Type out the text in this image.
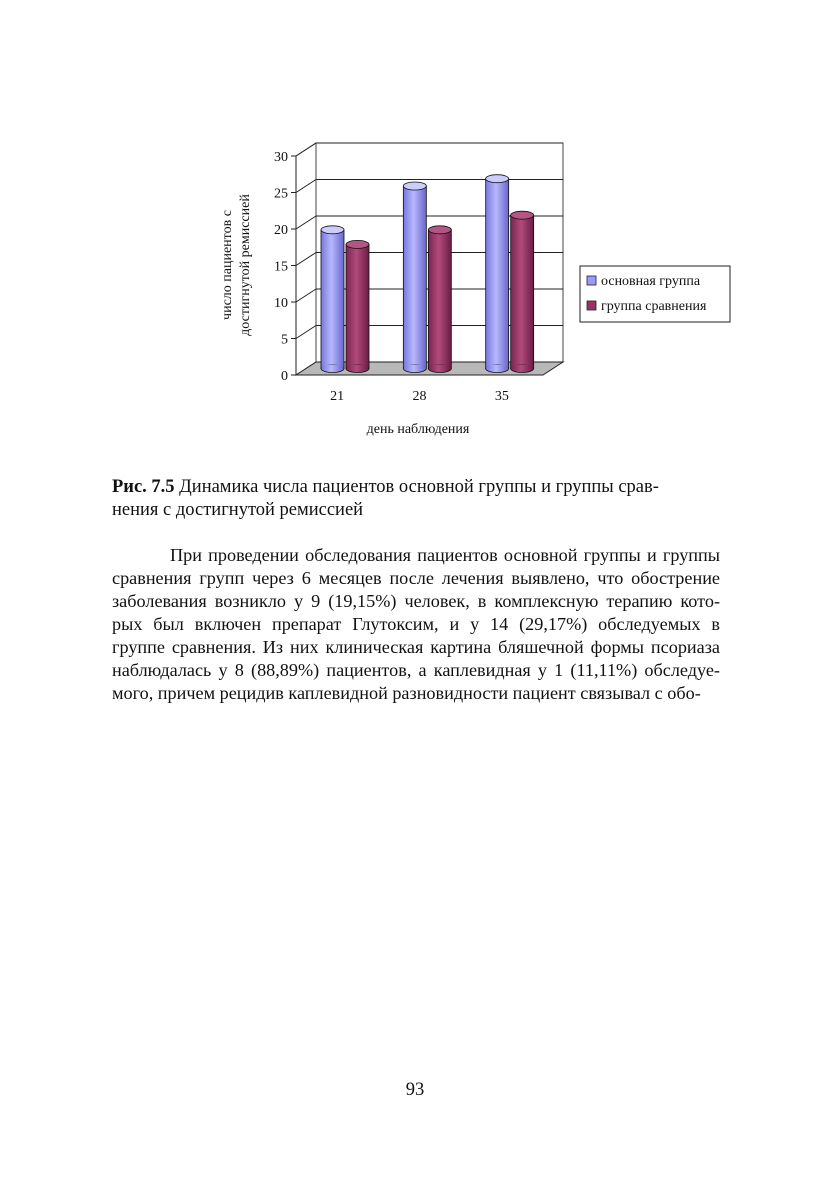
0
5
10
15
20
25
30
21	28	35
день наблюдения
число пациентов с достигнутой ремиссией	основная группа
группа сравнения

Рис. 7.5 Динамика числа пациентов основной группы и группы срав-
нения с достигнутой ремиссией

При проведении обследования пациентов основной группы и группы
сравнения групп через 6 месяцев после лечения выявлено, что обострение
заболевания возникло у 9 (19,15%) человек, в комплексную терапию кото-
рых был включен препарат Глутоксим, и у 14 (29,17%) обследуемых в
группе сравнения. Из них клиническая картина бляшечной формы псориаза
наблюдалась у 8 (88,89%) пациентов, а каплевидная у 1 (11,11%) обследуе-
мого, причем рецидив каплевидной разновидности пациент связывал с обо-
93
